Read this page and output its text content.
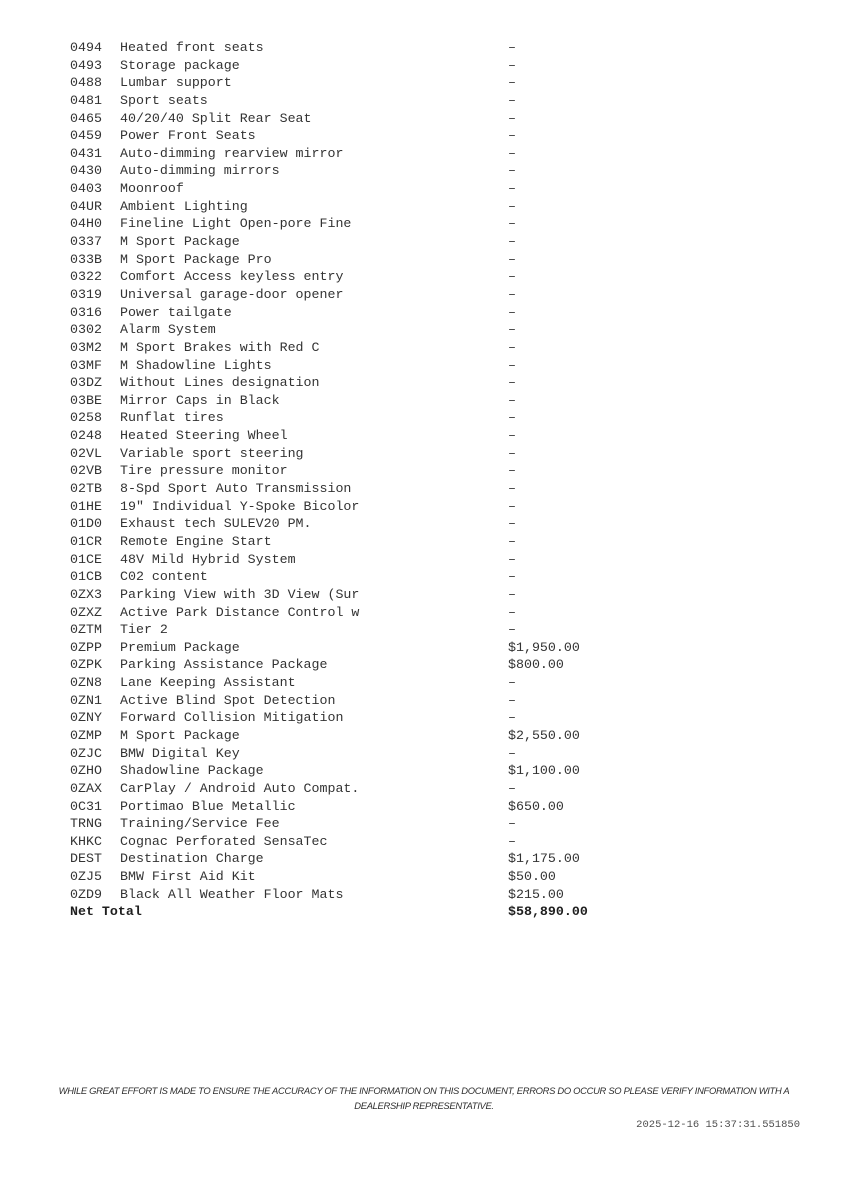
0494	Heated front seats	–
0493	Storage package	–
0488	Lumbar support	–
0481	Sport seats	–
0465	40/20/40 Split Rear Seat	–
0459	Power Front Seats	–
0431	Auto-dimming rearview mirror	–
0430	Auto-dimming mirrors	–
0403	Moonroof	–
04UR	Ambient Lighting	–
04H0	Fineline Light Open-pore Fine	–
0337	M Sport Package	–
033B	M Sport Package Pro	–
0322	Comfort Access keyless entry	–
0319	Universal garage-door opener	–
0316	Power tailgate	–
0302	Alarm System	–
03M2	M Sport Brakes with Red C	–
03MF	M Shadowline Lights	–
03DZ	Without Lines designation	–
03BE	Mirror Caps in Black	–
0258	Runflat tires	–
0248	Heated Steering Wheel	–
02VL	Variable sport steering	–
02VB	Tire pressure monitor	–
02TB	8-Spd Sport Auto Transmission	–
01HE	19" Individual Y-Spoke Bicolor	–
01D0	Exhaust tech SULEV20 PM.	–
01CR	Remote Engine Start	–
01CE	48V Mild Hybrid System	–
01CB	C02 content	–
0ZX3	Parking View with 3D View (Sur	–
0ZXZ	Active Park Distance Control w	–
0ZTM	Tier 2	–
0ZPP	Premium Package	$1,950.00
0ZPK	Parking Assistance Package	$800.00
0ZN8	Lane Keeping Assistant	–
0ZN1	Active Blind Spot Detection	–
0ZNY	Forward Collision Mitigation	–
0ZMP	M Sport Package	$2,550.00
0ZJC	BMW Digital Key	–
0ZHO	Shadowline Package	$1,100.00
0ZAX	CarPlay / Android Auto Compat.	–
0C31	Portimao Blue Metallic	$650.00
TRNG	Training/Service Fee	–
KHKC	Cognac Perforated SensaTec	–
DEST	Destination Charge	$1,175.00
0ZJ5	BMW First Aid Kit	$50.00
0ZD9	Black All Weather Floor Mats	$215.00
Net Total	$58,890.00
WHILE GREAT EFFORT IS MADE TO ENSURE THE ACCURACY OF THE INFORMATION ON THIS DOCUMENT, ERRORS DO OCCUR SO PLEASE VERIFY INFORMATION WITH A
DEALERSHIP REPRESENTATIVE.
2025-12-16 15:37:31.551850
